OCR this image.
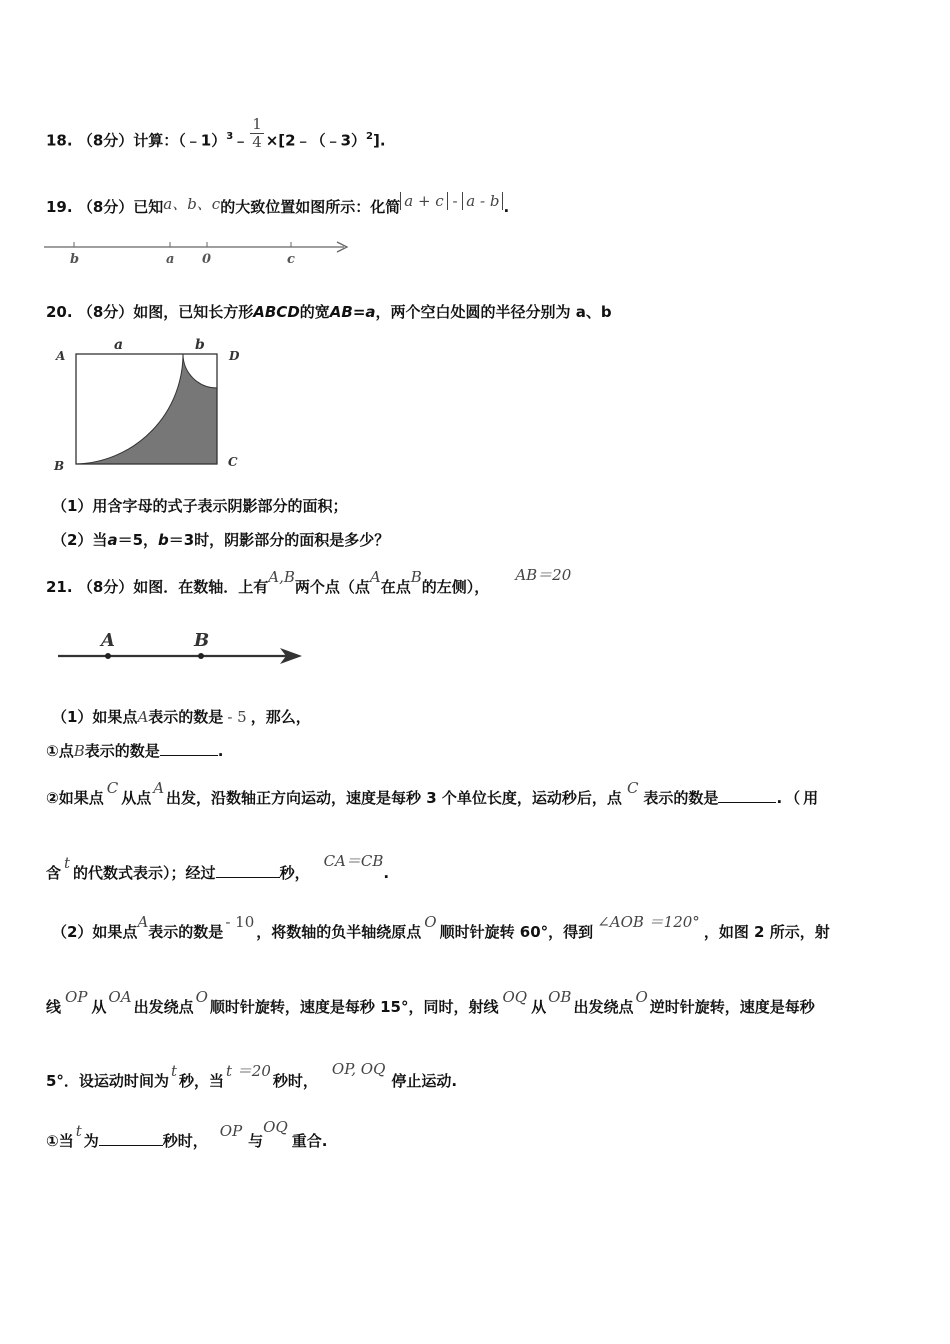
18. （8分）计算：（﹣1）$^3$﹣ $\frac{1}{4}$ ×[2﹣（﹣3）$^2$].
19. （8分）已知a、b、c的大致位置如图所示：化简 a + c - a - b .
b	a 0	c
20. （8分）如图，已知长方形ABCD的宽AB=a，两个空白处圆的半径分别为 a、b
A	D
B	C
a	b
（1）用含字母的式子表示阴影部分的面积；
（2）当a＝5，b＝3时，阴影部分的面积是多少？
21. （8分）如图．在数轴．上有A,B两个点（点A在点B的左侧），AB＝20
A	B
（1）如果点A表示的数是 - 5 ，那么，
①点B表示的数是	.
②如果点C从点A出发，沿数轴正方向运动，速度是每秒 3 个单位长度，运动秒后，点C表示的数是	.（用
含t的代数式表示）；经过	秒，CA＝CB.
（2）如果点A表示的数是- 10，将数轴的负半轴绕原点O顺时针旋转 60°，得到∠AOB ＝120°，如图 2 所示，射
线OP从OA出发绕点O顺时针旋转，速度是每秒 15°，同时，射线OQ从OB出发绕点O逆时针旋转，速度是每秒
5°．设运动时间为t秒，当t ＝20秒时，OP, OQ停止运动.
①当t为	秒时，OP与OQ重合.
